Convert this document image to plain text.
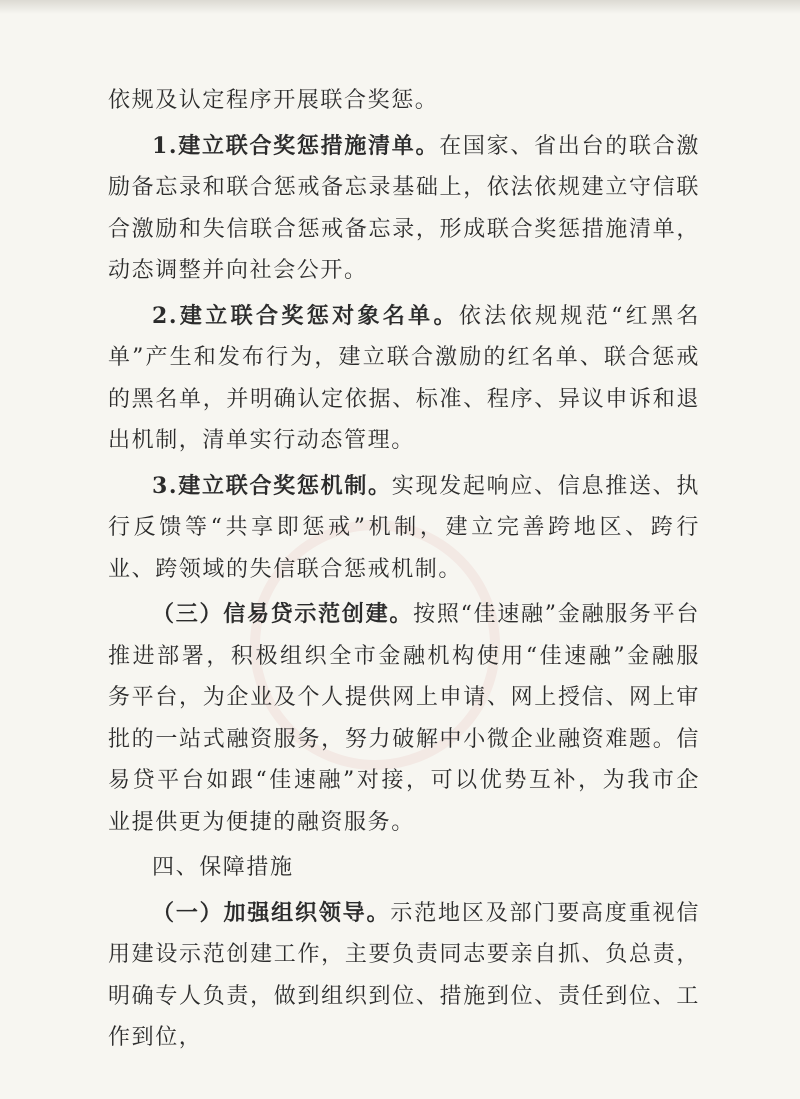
依规及认定程序开展联合奖惩。

1.建立联合奖惩措施清单。在国家、省出台的联合激励备忘录和联合惩戒备忘录基础上，依法依规建立守信联合激励和失信联合惩戒备忘录，形成联合奖惩措施清单，动态调整并向社会公开。

2.建立联合奖惩对象名单。依法依规规范“红黑名单”产生和发布行为，建立联合激励的红名单、联合惩戒的黑名单，并明确认定依据、标准、程序、异议申诉和退出机制，清单实行动态管理。

3.建立联合奖惩机制。实现发起响应、信息推送、执行反馈等“共享即惩戒”机制，建立完善跨地区、跨行业、跨领域的失信联合惩戒机制。

（三）信易贷示范创建。按照“佳速融”金融服务平台推进部署，积极组织全市金融机构使用“佳速融”金融服务平台，为企业及个人提供网上申请、网上授信、网上审批的一站式融资服务，努力破解中小微企业融资难题。信易贷平台如跟“佳速融”对接，可以优势互补，为我市企业提供更为便捷的融资服务。

四、保障措施

（一）加强组织领导。示范地区及部门要高度重视信用建设示范创建工作，主要负责同志要亲自抓、负总责，明确专人负责，做到组织到位、措施到位、责任到位、工作到位，
